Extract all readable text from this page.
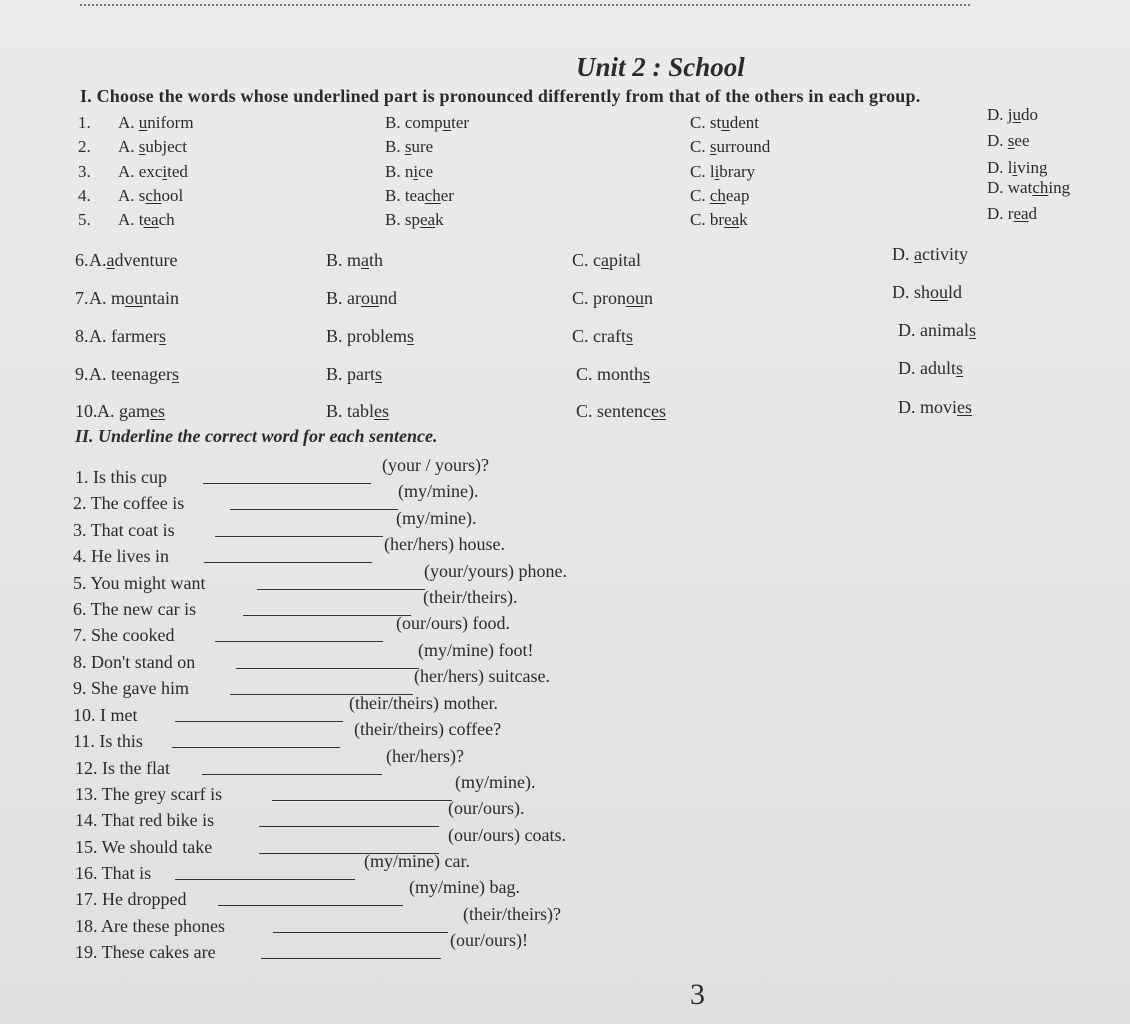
Unit 2 : School
I. Choose the words whose underlined part is pronounced differently from that of the others in each group.
1. A. uniform	B. computer	C. student	D. judo
2. A. subject	B. sure	C. surround	D. see
3. A. excited	B. nice	C. library	D. living
4. A. school	B. teacher	C. cheap	D. watching
5. A. teach	B. speak	C. break	D. read
6. A.adventure	B. math	C. capital	D. activity
7. A. mountain	B. around	C. pronoun	D. should
8. A. farmers	B. problems	C. crafts	D. animals
9. A. teenagers	B. parts	C. months	D. adults
10. A. games	B. tables	C. sentences	D. movies
II. Underline the correct word for each sentence.
1. Is this cup
(your / yours)?
2. The coffee is
(my/mine).
3. That coat is
(my/mine).
4. He lives in
(her/hers) house.
5. You might want
(your/yours) phone.
6. The new car is
(their/theirs).
7. She cooked
(our/ours) food.
8. Don't stand on
(my/mine) foot!
9. She gave him
(her/hers) suitcase.
10. I met
(their/theirs) mother.
11. Is this
(their/theirs) coffee?
12. Is the flat
(her/hers)?
13. The grey scarf is
(my/mine).
14. That red bike is
(our/ours).
15. We should take
(our/ours) coats.
16. That is
(my/mine) car.
17. He dropped
(my/mine) bag.
18. Are these phones
(their/theirs)?
19. These cakes are
(our/ours)!
3
